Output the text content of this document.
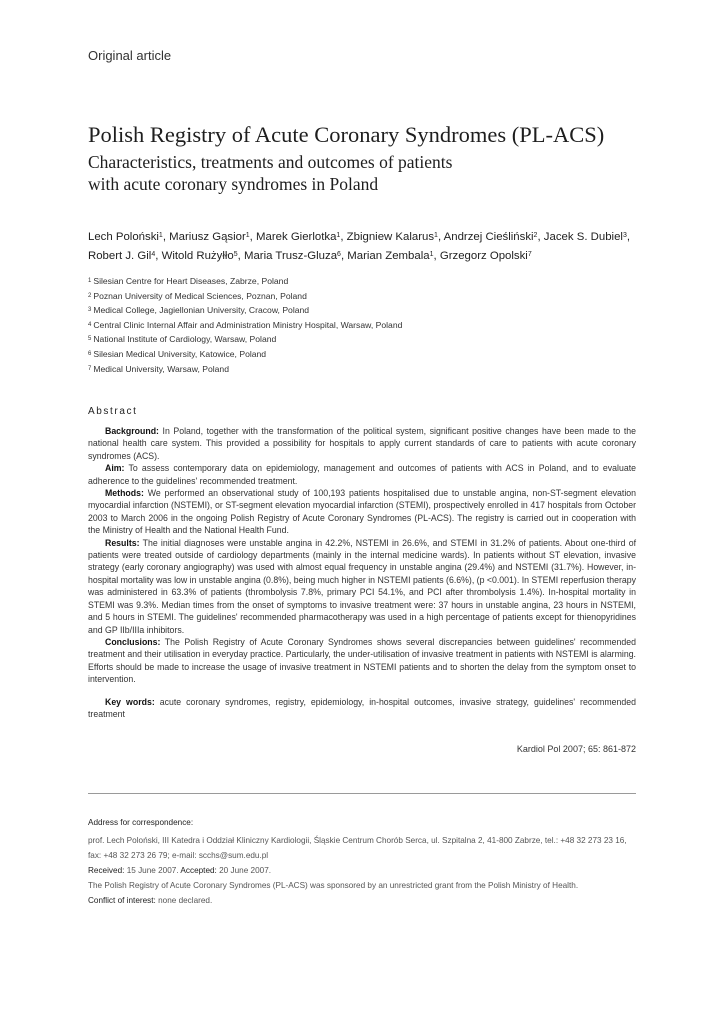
Original article
Polish Registry of Acute Coronary Syndromes (PL-ACS)
Characteristics, treatments and outcomes of patients
with acute coronary syndromes in Poland
Lech Poloński$^1$, Mariusz Gąsior$^1$, Marek Gierlotka$^1$, Zbigniew Kalarus$^1$, Andrzej Cieśliński$^2$, Jacek S. Dubiel$^3$,
Robert J. Gil$^4$, Witold Rużyłło$^5$, Maria Trusz-Gluza$^6$, Marian Zembala$^1$, Grzegorz Opolski$^7$
$^1$ Silesian Centre for Heart Diseases, Zabrze, Poland
$^2$ Poznan University of Medical Sciences, Poznan, Poland
$^3$ Medical College, Jagiellonian University, Cracow, Poland
$^4$ Central Clinic Internal Affair and Administration Ministry Hospital, Warsaw, Poland
$^5$ National Institute of Cardiology, Warsaw, Poland
$^6$ Silesian Medical University, Katowice, Poland
$^7$ Medical University, Warsaw, Poland
Abstract

Background: In Poland, together with the transformation of the political system, significant positive changes have been made to the national health care system. This provided a possibility for hospitals to apply current standards of care to patients with acute coronary syndromes (ACS).

Aim: To assess contemporary data on epidemiology, management and outcomes of patients with ACS in Poland, and to evaluate adherence to the guidelines' recommended treatment.

Methods: We performed an observational study of 100,193 patients hospitalised due to unstable angina, non-ST-segment elevation myocardial infarction (NSTEMI), or ST-segment elevation myocardial infarction (STEMI), prospectively enrolled in 417 hospitals from October 2003 to March 2006 in the ongoing Polish Registry of Acute Coronary Syndromes (PL-ACS). The registry is carried out in cooperation with the Ministry of Health and the National Health Fund.

Results: The initial diagnoses were unstable angina in 42.2%, NSTEMI in 26.6%, and STEMI in 31.2% of patients. About one-third of patients were treated outside of cardiology departments (mainly in the internal medicine wards). In patients without ST elevation, invasive strategy (early coronary angiography) was used with almost equal frequency in unstable angina (29.4%) and NSTEMI (31.7%). However, in-hospital mortality was low in unstable angina (0.8%), being much higher in NSTEMI patients (6.6%), (p <0.001). In STEMI reperfusion therapy was administered in 63.3% of patients (thrombolysis 7.8%, primary PCI 54.1%, and PCI after thrombolysis 1.4%). In-hospital mortality in STEMI was 9.3%. Median times from the onset of symptoms to invasive treatment were: 37 hours in unstable angina, 23 hours in NSTEMI, and 5 hours in STEMI. The guidelines' recommended pharmacotherapy was used in a high percentage of patients except for thienopyridines and GP IIb/IIIa inhibitors.

Conclusions: The Polish Registry of Acute Coronary Syndromes shows several discrepancies between guidelines' recommended treatment and their utilisation in everyday practice. Particularly, the under-utilisation of invasive treatment in patients with NSTEMI is alarming. Efforts should be made to increase the usage of invasive treatment in NSTEMI patients and to shorten the delay from the symptom onset to intervention.

Key words: acute coronary syndromes, registry, epidemiology, in-hospital outcomes, invasive strategy, guidelines' recommended treatment

Kardiol Pol 2007; 65: 861-872
Address for correspondence:
prof. Lech Poloński, III Katedra i Oddział Kliniczny Kardiologii, Śląskie Centrum Chorób Serca, ul. Szpitalna 2, 41-800 Zabrze, tel.: +48 32 273 23 16,
fax: +48 32 273 26 79; e-mail: scchs@sum.edu.pl
Received: 15 June 2007. Accepted: 20 June 2007.
The Polish Registry of Acute Coronary Syndromes (PL-ACS) was sponsored by an unrestricted grant from the Polish Ministry of Health.
Conflict of interest: none declared.
